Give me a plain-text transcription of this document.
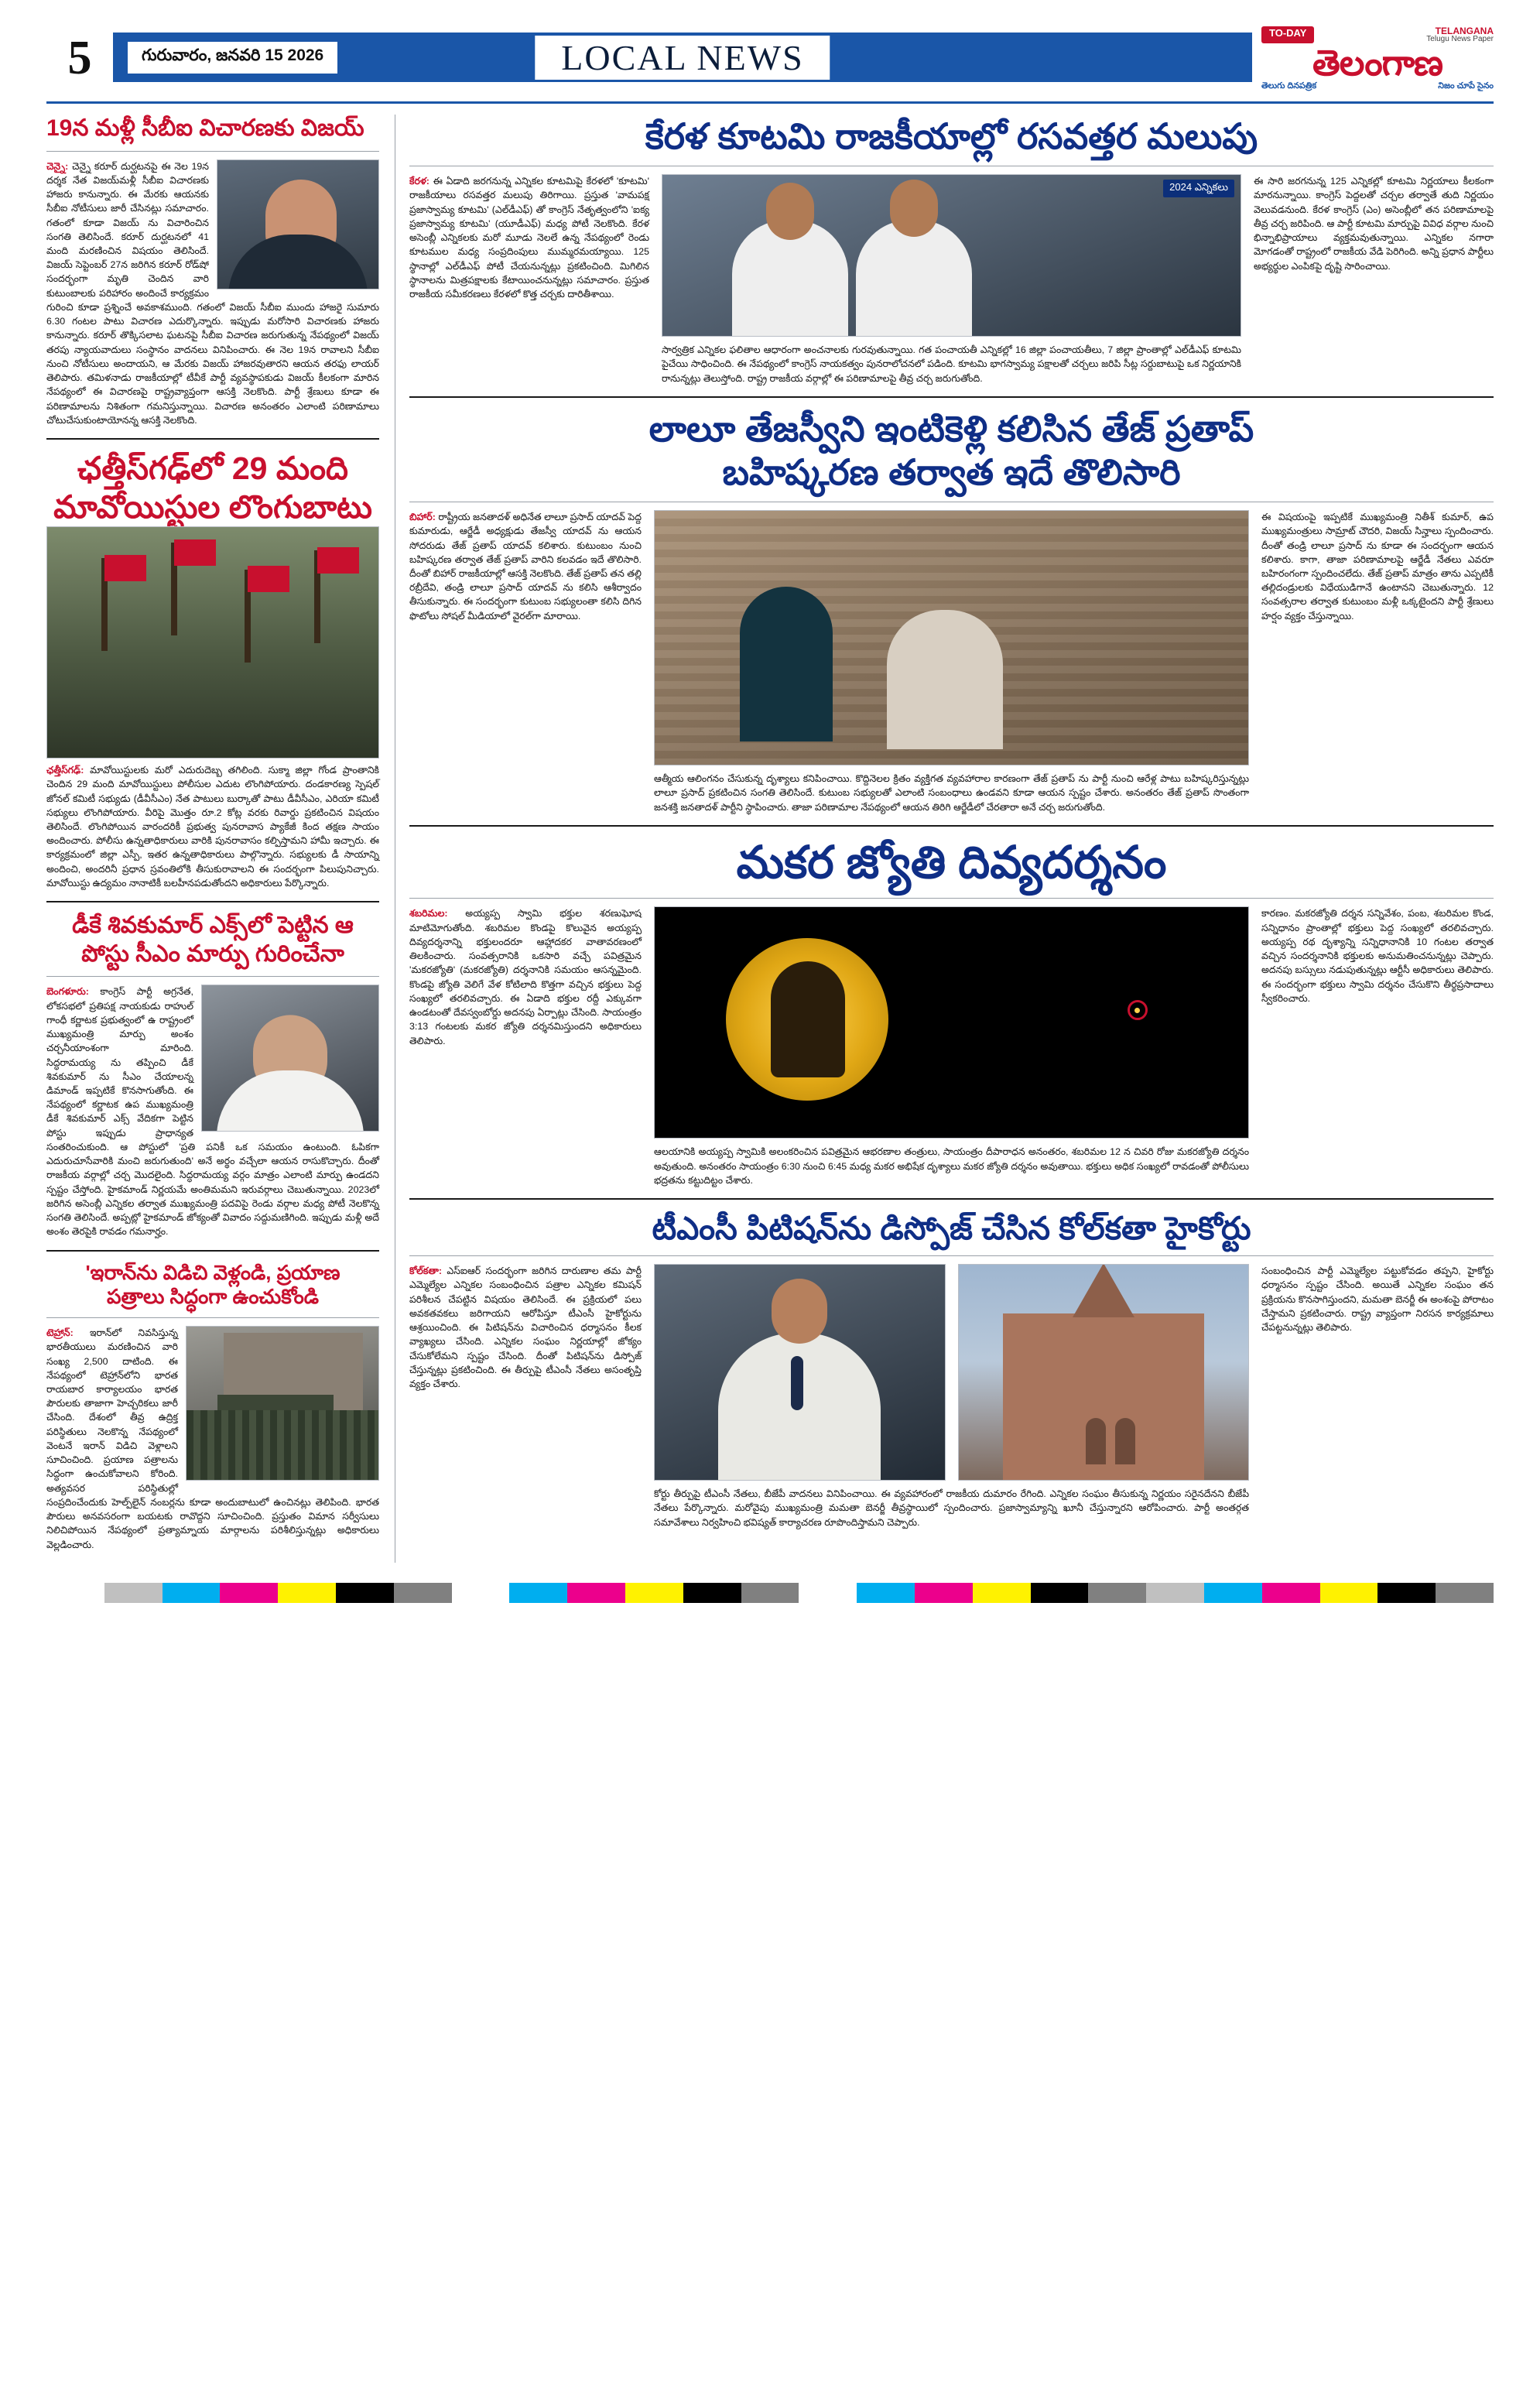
5	గురువారం, జనవరి 15 2026	LOCAL NEWS
TO-DAY	TELANGANA
Telugu News Paper
తెలంగాణ
తెలుగు దినపత్రిక	నిజం చూపే సైనం
19న మళ్లీ సీబీఐ విచారణకు విజయ్
చెన్నై: చెన్నై కరూర్ దుర్ఘటనపై ఈ నెల 19న దర్శక నేత విజయ్‌మళ్లీ సీబీఐ విచారణకు హాజరు కానున్నారు. ఈ మేరకు ఆయనకు సీబీఐ నోటీసులు జారీ చేసినట్లు సమాచారం. గతంలో కూడా విజయ్ ను విచారించిన సంగతి తెలిసిందే. కరూర్ దుర్ఘటనలో 41 మంది మరణించిన విషయం తెలిసిందే. విజయ్ సెప్టెంబర్ 27న జరిగిన కరూర్ రోడ్‌షో సందర్భంగా మృతి చెందిన వారి కుటుంబాలకు పరిహారం అందించే కార్యక్రమం గురించి కూడా ప్రశ్నించే అవకాశముంది. గతంలో విజయ్ సీబీఐ ముందు హాజరై సుమారు 6.30 గంటల పాటు విచారణ ఎదుర్కొన్నారు. ఇప్పుడు మరోసారి విచారణకు హాజరు కానున్నారు. కరూర్ తొక్కిసలాట ఘటనపై సీబీఐ విచారణ జరుగుతున్న నేపథ్యంలో విజయ్ తరపు న్యాయవాదులు సంస్థానం వాదనలు వినిపించారు. ఈ నెల 19న రావాలని సీబీఐ నుంచి నోటీసులు అందాయని, ఆ మేరకు విజయ్ హాజరవుతారని ఆయన తరఫు లాయర్ తెలిపారు. తమిళనాడు రాజకీయాల్లో టీవీకే పార్టీ వ్యవస్థాపకుడు విజయ్ కీలకంగా మారిన నేపథ్యంలో ఈ విచారణపై రాష్ట్రవ్యాప్తంగా ఆసక్తి నెలకొంది. పార్టీ శ్రేణులు కూడా ఈ పరిణామాలను నిశితంగా గమనిస్తున్నాయి. విచారణ అనంతరం ఎలాంటి పరిణామాలు చోటుచేసుకుంటాయోనన్న ఆసక్తి నెలకొంది.
ఛత్తీస్‌గఢ్‌లో 29 మంది
మావోయిస్టుల లొంగుబాటు
ఛత్తీస్‌గఢ్: మావోయిస్టులకు మరో ఎదురుదెబ్బ తగిలింది. సుక్మా జిల్లా గోండ ప్రాంతానికి చెందిన 29 మంది మావోయిస్టులు పోలీసుల ఎదుట లొంగిపోయారు. దండకారణ్య స్పెషల్ జోనల్ కమిటీ సభ్యుడు (డీవీసీఎం) నేత పాటులు బుర్కాతో పాటు డీవీసీఎం, ఎరియా కమిటీ సభ్యులు లొంగిపోయారు. వీరిపై మొత్తం రూ.2 కోట్ల వరకు రివార్డు ప్రకటించిన విషయం తెలిసిందే. లొంగిపోయిన వారందరికీ ప్రభుత్వ పునరావాస ప్యాకేజీ కింద తక్షణ సాయం అందించారు. పోలీసు ఉన్నతాధికారులు వారికి పునరావాసం కల్పిస్తామని హామీ ఇచ్చారు. ఈ కార్యక్రమంలో జిల్లా ఎస్పీ, ఇతర ఉన్నతాధికారులు పాల్గొన్నారు. సభ్యులకు డీ సాయాన్ని అందించి, అందరినీ ప్రధాన స్రవంతిలోకి తీసుకురావాలని ఈ సందర్భంగా పిలుపునిచ్చారు. మావోయిస్టు ఉద్యమం నానాటికీ బలహీనపడుతోందని అధికారులు పేర్కొన్నారు.
డీకే శివకుమార్ ఎక్స్‌లో పెట్టిన ఆ
పోస్టు సీఎం మార్పు గురించేనా
బెంగళూరు: కాంగ్రెస్ పార్టీ అగ్రనేత, లోకసభలో ప్రతిపక్ష నాయకుడు రాహుల్ గాంధీ కర్ణాటక ప్రభుత్వంలో ఉ రాష్ట్రంలో ముఖ్యమంత్రి మార్పు అంశం చర్చనీయాంశంగా మారింది. సిద్ధరామయ్య ను తప్పించి డీకే శివకుమార్ ను సీఎం చేయాలన్న డిమాండ్ ఇప్పటికే కొనసాగుతోంది. ఈ నేపథ్యంలో కర్ణాటక ఉప ముఖ్యమంత్రి డీకే శివకుమార్ ఎక్స్ వేదికగా పెట్టిన పోస్టు ఇప్పుడు ప్రాధాన్యత సంతరించుకుంది. ఆ పోస్టులో 'ప్రతి పనికీ ఒక సమయం ఉంటుంది. ఓపికగా ఎదురుచూసేవారికి మంచి జరుగుతుంది' అనే అర్థం వచ్చేలా ఆయన రాసుకొచ్చారు. దీంతో రాజకీయ వర్గాల్లో చర్చ మొదలైంది. సిద్ధరామయ్య వర్గం మాత్రం ఎలాంటి మార్పు ఉండదని స్పష్టం చేస్తోంది. హైకమాండ్ నిర్ణయమే అంతిమమని ఇరువర్గాలు చెబుతున్నాయి. 2023లో జరిగిన అసెంబ్లీ ఎన్నికల తర్వాత ముఖ్యమంత్రి పదవిపై రెండు వర్గాల మధ్య పోటీ నెలకొన్న సంగతి తెలిసిందే. అప్పట్లో హైకమాండ్ జోక్యంతో వివాదం సద్దుమణిగింది. ఇప్పుడు మళ్లీ అదే అంశం తెరపైకి రావడం గమనార్హం.
'ఇరాన్‌ను విడిచి వెళ్లండి, ప్రయాణ
పత్రాలు సిద్ధంగా ఉంచుకోండి
టెహ్రాన్: ఇరాన్‌లో నివసిస్తున్న భారతీయులు మరణించిన వారి సంఖ్య 2,500 దాటింది. ఈ నేపథ్యంలో టెహ్రాన్‌లోని భారత రాయబార కార్యాలయం భారత పౌరులకు తాజాగా హెచ్చరికలు జారీ చేసింది. దేశంలో తీవ్ర ఉద్రిక్త పరిస్థితులు నెలకొన్న నేపథ్యంలో వెంటనే ఇరాన్ విడిచి వెళ్లాలని సూచించింది. ప్రయాణ పత్రాలను సిద్ధంగా ఉంచుకోవాలని కోరింది. అత్యవసర పరిస్థితుల్లో సంప్రదించేందుకు హెల్ప్‌లైన్ నంబర్లను కూడా అందుబాటులో ఉంచినట్లు తెలిపింది. భారత పౌరులు అనవసరంగా బయటకు రావొద్దని సూచించింది. ప్రస్తుతం విమాన సర్వీసులు నిలిచిపోయిన నేపథ్యంలో ప్రత్యామ్నాయ మార్గాలను పరిశీలిస్తున్నట్లు అధికారులు వెల్లడించారు.
కేరళ కూటమి రాజకీయాల్లో రసవత్తర మలుపు
కేరళ: ఈ ఏడాది జరగనున్న ఎన్నికల కూటమిపై కేరళలో 'కూటమి' రాజకీయాలు రసవత్తర మలుపు తిరిగాయి. ప్రస్తుత 'వామపక్ష ప్రజాస్వామ్య కూటమి' (ఎల్‌డీఎఫ్) తో కాంగ్రెస్ నేతృత్వంలోని 'ఐక్య ప్రజాస్వామ్య కూటమి' (యూడీఎఫ్) మధ్య పోటీ నెలకొంది. కేరళ అసెంబ్లీ ఎన్నికలకు మరో మూడు నెలలే ఉన్న నేపథ్యంలో రెండు కూటముల మధ్య సంప్రదింపులు ముమ్మరమయ్యాయి. 125 స్థానాల్లో ఎల్‌డీఎఫ్ పోటీ చేయనున్నట్లు ప్రకటించింది. మిగిలిన స్థానాలను మిత్రపక్షాలకు కేటాయించనున్నట్లు సమాచారం. ప్రస్తుత రాజకీయ సమీకరణలు కేరళలో కొత్త చర్చకు దారితీశాయి.
2024 ఎన్నికలు
సార్వత్రిక ఎన్నికల ఫలితాల ఆధారంగా అంచనాలకు గురవుతున్నాయి. గత పంచాయతీ ఎన్నికల్లో 16 జిల్లా పంచాయతీలు, 7 జిల్లా ప్రాంతాల్లో ఎల్‌డీఎఫ్ కూటమి పైచేయి సాధించింది. ఈ నేపథ్యంలో కాంగ్రెస్ నాయకత్వం పునరాలోచనలో పడింది. కూటమి భాగస్వామ్య పక్షాలతో చర్చలు జరిపి సీట్ల సర్దుబాటుపై ఒక నిర్ణయానికి రానున్నట్లు తెలుస్తోంది. రాష్ట్ర రాజకీయ వర్గాల్లో ఈ పరిణామాలపై తీవ్ర చర్చ జరుగుతోంది.
ఈ సారి జరగనున్న 125 ఎన్నికల్లో కూటమి నిర్ణయాలు కీలకంగా మారనున్నాయి. కాంగ్రెస్ పెద్దలతో చర్చల తర్వాతే తుది నిర్ణయం వెలువడనుంది. కేరళ కాంగ్రెస్ (ఎం) అసెంబ్లీలో తన పరిణామాలపై తీవ్ర చర్చ జరిపింది. ఆ పార్టీ కూటమి మార్పుపై వివిధ వర్గాల నుంచి భిన్నాభిప్రాయాలు వ్యక్తమవుతున్నాయి. ఎన్నికల నగారా మోగడంతో రాష్ట్రంలో రాజకీయ వేడి పెరిగింది. అన్ని ప్రధాన పార్టీలు అభ్యర్థుల ఎంపికపై దృష్టి సారించాయి.
లాలూ తేజస్వీని ఇంటికెళ్లి కలిసిన తేజ్ ప్రతాప్
బహిష్కరణ తర్వాత ఇదే తొలిసారి
బిహార్: రాష్ట్రీయ జనతాదళ్ అధినేత లాలూ ప్రసాద్ యాదవ్ పెద్ద కుమారుడు, ఆర్జేడీ అధ్యక్షుడు తేజస్వీ యాదవ్ ను ఆయన సోదరుడు తేజ్ ప్రతాప్ యాదవ్ కలిశారు. కుటుంబం నుంచి బహిష్కరణ తర్వాత తేజ్ ప్రతాప్ వారిని కలవడం ఇదే తొలిసారి. దీంతో బిహార్ రాజకీయాల్లో ఆసక్తి నెలకొంది. తేజ్ ప్రతాప్ తన తల్లి రబ్రీదేవి, తండ్రి లాలూ ప్రసాద్ యాదవ్ ను కలిసి ఆశీర్వాదం తీసుకున్నారు. ఈ సందర్భంగా కుటుంబ సభ్యులంతా కలిసి దిగిన ఫొటోలు సోషల్ మీడియాలో వైరల్‌గా మారాయి.
ఆత్మీయ ఆలింగనం చేసుకున్న దృశ్యాలు కనిపించాయి. కొద్దినెలల క్రితం వ్యక్తిగత వ్యవహారాల కారణంగా తేజ్ ప్రతాప్ ను పార్టీ నుంచి ఆరేళ్ల పాటు బహిష్కరిస్తున్నట్లు లాలూ ప్రసాద్ ప్రకటించిన సంగతి తెలిసిందే. కుటుంబ సభ్యులతో ఎలాంటి సంబంధాలు ఉండవని కూడా ఆయన స్పష్టం చేశారు. అనంతరం తేజ్ ప్రతాప్ సొంతంగా జనశక్తి జనతాదళ్ పార్టీని స్థాపించారు. తాజా పరిణామాల నేపథ్యంలో ఆయన తిరిగి ఆర్జేడీలో చేరతారా అనే చర్చ జరుగుతోంది.
ఈ విషయంపై ఇప్పటికే ముఖ్యమంత్రి నితీశ్ కుమార్, ఉప ముఖ్యమంత్రులు సామ్రాట్ చౌదరి, విజయ్ సిన్హాలు స్పందించారు. దీంతో తండ్రి లాలూ ప్రసాద్ ను కూడా ఈ సందర్భంగా ఆయన కలిశారు. కాగా, తాజా పరిణామాలపై ఆర్జేడీ నేతలు ఎవరూ బహిరంగంగా స్పందించలేదు. తేజ్ ప్రతాప్ మాత్రం తాను ఎప్పటికీ తల్లిదండ్రులకు విధేయుడిగానే ఉంటానని చెబుతున్నారు. 12 సంవత్సరాల తర్వాత కుటుంబం మళ్లీ ఒక్కటైందని పార్టీ శ్రేణులు హర్షం వ్యక్తం చేస్తున్నాయి.
మకర జ్యోతి దివ్యదర్శనం
శబరిమల: అయ్యప్ప స్వామి భక్తుల శరణుఘోష మాటిమోగుతోంది. శబరిమల కొండపై కొలువైన అయ్యప్ప దివ్యదర్శనాన్ని భక్తులందరూ ఆహ్లాదకర వాతావరణంలో తిలకించారు. సంవత్సరానికి ఒకసారి వచ్చే పవిత్రమైన 'మకరజ్యోతి' (మకరజ్యోతి) దర్శనానికి సమయం ఆసన్నమైంది. కొండపై జ్యోతి వెలిగే వేళ కోటిలాది కొత్తగా వచ్చిన భక్తులు పెద్ద సంఖ్యలో తరలివచ్చారు. ఈ ఏడాది భక్తుల రద్దీ ఎక్కువగా ఉండటంతో దేవస్వంబోర్డు అదనపు ఏర్పాట్లు చేసింది. సాయంత్రం 3:13 గంటలకు మకర జ్యోతి దర్శనమిస్తుందని అధికారులు తెలిపారు.
ఆలయానికి అయ్యప్ప స్వామికి అలంకరించిన పవిత్రమైన ఆభరణాల తంత్రులు, సాయంత్రం దీపారాధన అనంతరం, శబరిమల 12 న చివరి రోజు మకరజ్యోతి దర్శనం అవుతుంది. అనంతరం సాయంత్రం 6:30 నుంచి 6:45 మధ్య మకర అభిషేక దృశ్యాలు మకర జ్యోతి దర్శనం అవుతాయి. భక్తులు అధిక సంఖ్యలో రావడంతో పోలీసులు భద్రతను కట్టుదిట్టం చేశారు.
కారణం. మకరజ్యోతి దర్శన సన్నివేశం, పంబ, శబరిమల కొండ, సన్నిధానం ప్రాంతాల్లో భక్తులు పెద్ద సంఖ్యలో తరలివచ్చారు. అయ్యప్ప రథ దృశ్యాన్ని సన్నిధానానికి 10 గంటల తర్వాత వచ్చిన సందర్శనానికి భక్తులకు అనుమతించనున్నట్లు చెప్పారు. అదనపు బస్సులు నడుపుతున్నట్లు ఆర్టీసీ అధికారులు తెలిపారు. ఈ సందర్భంగా భక్తులు స్వామి దర్శనం చేసుకొని తీర్థప్రసాదాలు స్వీకరించారు.
టీఎంసీ పిటిషన్‌ను డిస్పోజ్ చేసిన కోల్‌కతా హైకోర్టు
కోల్‌కతా: ఎస్‌ఐఆర్ సందర్భంగా జరిగిన దారుణాల తమ పార్టీ ఎమ్మెల్యేల ఎన్నికల సంబంధించిన పత్రాల ఎన్నికల కమిషన్ పరిశీలన చేపట్టిన విషయం తెలిసిందే. ఈ ప్రక్రియలో పలు అవకతవకలు జరిగాయని ఆరోపిస్తూ టీఎంసీ హైకోర్టును ఆశ్రయించింది. ఈ పిటిషన్‌ను విచారించిన ధర్మాసనం కీలక వ్యాఖ్యలు చేసింది. ఎన్నికల సంఘం నిర్ణయాల్లో జోక్యం చేసుకోలేమని స్పష్టం చేసింది. దీంతో పిటిషన్‌ను డిస్పోజ్ చేస్తున్నట్లు ప్రకటించింది. ఈ తీర్పుపై టీఎంసీ నేతలు అసంతృప్తి వ్యక్తం చేశారు.
సంబంధించిన పార్టీ ఎమ్మెల్యేల పట్టుకోవడం తప్పని, హైకోర్టు ధర్మాసనం స్పష్టం చేసింది. అయితే ఎన్నికల సంఘం తన ప్రక్రియను కొనసాగిస్తుందని, మమతా బెనర్జీ ఈ అంశంపై పోరాటం చేస్తామని ప్రకటించారు. రాష్ట్ర వ్యాప్తంగా నిరసన కార్యక్రమాలు చేపట్టనున్నట్లు తెలిపారు.
కోర్టు తీర్పుపై టీఎంసీ నేతలు, బీజేపీ వాదనలు వినిపించాయి. ఈ వ్యవహారంలో రాజకీయ దుమారం రేగింది. ఎన్నికల సంఘం తీసుకున్న నిర్ణయం సరైనదేనని బీజేపీ నేతలు పేర్కొన్నారు. మరోవైపు ముఖ్యమంత్రి మమతా బెనర్జీ తీవ్రస్థాయిలో స్పందించారు. ప్రజాస్వామ్యాన్ని ఖూనీ చేస్తున్నారని ఆరోపించారు. పార్టీ అంతర్గత సమావేశాలు నిర్వహించి భవిష్యత్ కార్యాచరణ రూపొందిస్తామని చెప్పారు.
